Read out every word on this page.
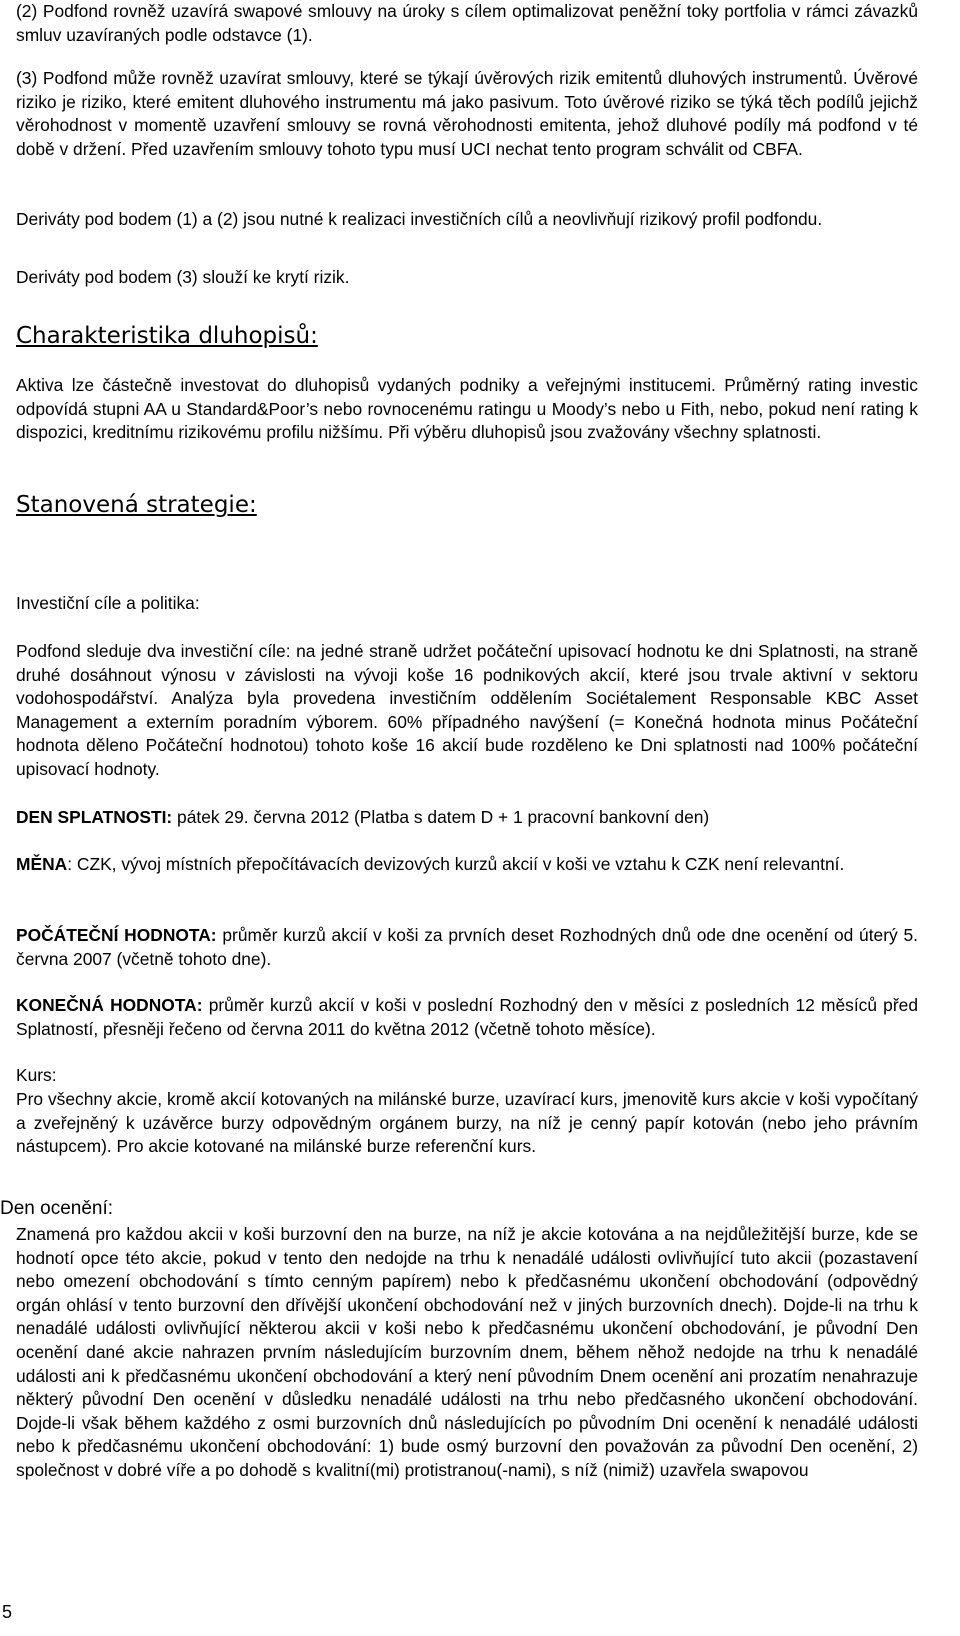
(2) Podfond rovněž uzavírá swapové smlouvy na úroky s cílem optimalizovat peněžní toky portfolia v rámci závazků smluv uzavíraných podle odstavce (1).

(3) Podfond může rovněž uzavírat smlouvy, které se týkají úvěrových rizik emitentů dluhových instrumentů. Úvěrové riziko je riziko, které emitent dluhového instrumentu má jako pasivum. Toto úvěrové riziko se týká těch podílů jejichž věrohodnost v momentě uzavření smlouvy se rovná věrohodnosti emitenta, jehož dluhové podíly má podfond v té době v držení. Před uzavřením smlouvy tohoto typu musí UCI nechat tento program schválit od CBFA.

Deriváty pod bodem (1) a (2) jsou nutné k realizaci investičních cílů a neovlivňují rizikový profil podfondu.

Deriváty pod bodem (3) slouží ke krytí rizik.

Charakteristika dluhopisů:

Aktiva lze částečně investovat do dluhopisů vydaných podniky a veřejnými institucemi. Průměrný rating investic odpovídá stupni AA u Standard&Poor’s nebo rovnocenému ratingu u Moody’s nebo u Fith, nebo, pokud není rating k dispozici, kreditnímu rizikovému profilu nižšímu. Při výběru dluhopisů jsou zvažovány všechny splatnosti.

Stanovená strategie:

Investiční cíle a politika:

Podfond sleduje dva investiční cíle: na jedné straně udržet počáteční upisovací hodnotu ke dni Splatnosti, na straně druhé dosáhnout výnosu v závislosti na vývoji koše 16 podnikových akcií, které jsou trvale aktivní v sektoru vodohospodářství. Analýza byla provedena investičním oddělením Sociétalement Responsable KBC Asset Management a externím poradním výborem. 60% případného navýšení (= Konečná hodnota minus Počáteční hodnota děleno Počáteční hodnotou) tohoto koše 16 akcií bude rozděleno ke Dni splatnosti nad 100% počáteční upisovací hodnoty.

DEN SPLATNOSTI: pátek 29. června 2012 (Platba s datem D + 1 pracovní bankovní den)

MĚNA: CZK, vývoj místních přepočítávacích devizových kurzů akcií v koši ve vztahu k CZK není relevantní.

POČÁTEČNÍ HODNOTA: průměr kurzů akcií v koši za prvních deset Rozhodných dnů ode dne ocenění od úterý 5. června 2007 (včetně tohoto dne).

KONEČNÁ HODNOTA: průměr kurzů akcií v koši v poslední Rozhodný den v měsíci z posledních 12 měsíců před Splatností, přesněji řečeno od června 2011 do května 2012 (včetně tohoto měsíce).

Kurs:

Pro všechny akcie, kromě akcií kotovaných na milánské burze, uzavírací kurs, jmenovitě kurs akcie v koši vypočítaný a zveřejněný k uzávěrce burzy odpovědným orgánem burzy, na níž je cenný papír kotován (nebo jeho právním nástupcem). Pro akcie kotované na milánské burze referenční kurs.

Den ocenění:

Znamená pro každou akcii v koši burzovní den na burze, na níž je akcie kotována a na nejdůležitější burze, kde se hodnotí opce této akcie, pokud v tento den nedojde na trhu k nenadálé události ovlivňující tuto akcii (pozastavení nebo omezení obchodování s tímto cenným papírem) nebo k předčasnému ukončení obchodování (odpovědný orgán ohlásí v tento burzovní den dřívější ukončení obchodování než v jiných burzovních dnech). Dojde-li na trhu k nenadálé události ovlivňující některou akcii v koši nebo k předčasnému ukončení obchodování, je původní Den ocenění dané akcie nahrazen prvním následujícím burzovním dnem, během něhož nedojde na trhu k nenadálé události ani k předčasnému ukončení obchodování a který není původním Dnem ocenění ani prozatím nenahrazuje některý původní Den ocenění v důsledku nenadálé události na trhu nebo předčasného ukončení obchodování. Dojde-li však během každého z osmi burzovních dnů následujících po původním Dni ocenění k nenadálé události nebo k předčasnému ukončení obchodování: 1) bude osmý burzovní den považován za původní Den ocenění, 2) společnost v dobré víře a po dohodě s kvalitní(mi) protistranou(-nami), s níž (nimiž) uzavřela swapovou

5
